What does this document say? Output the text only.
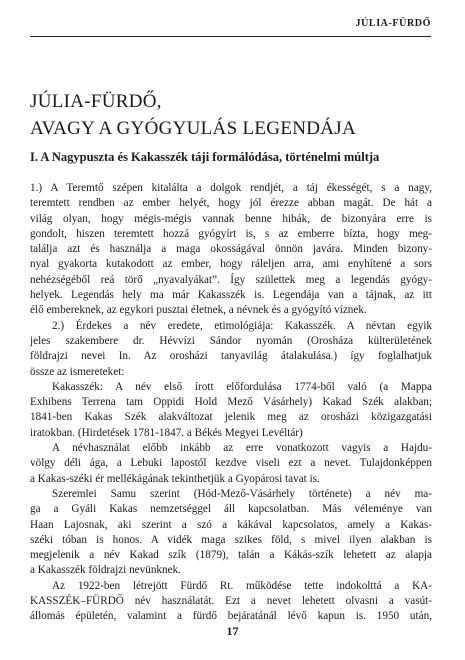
JÚLIA-FÜRDŐ
JÚLIA-FÜRDŐ,
AVAGY A GYÓGYULÁS LEGENDÁJA
I. A Nagypuszta és Kakasszék táji formálódása, történelmi múltja
1.) A Teremtő szépen kitalálta a dolgok rendjét, a táj ékességét, s a nagy,
teremtett rendben az ember helyét, hogy jól érezze abban magát. De hát a
világ olyan, hogy mégis-mégis vannak benne hibák, de bizonyára erre is
gondolt, hiszen teremtett hozzá gyógyírt is, s az emberre bízta, hogy meg-
találja azt és használja a maga okosságával önnön javára. Minden bizony-
nyal gyakorta kutakodott az ember, hogy ráleljen arra, ami enyhítené a sors
nehézségéből reá törő „nyavalyákat”. Így születtek meg a legendás gyógy-
helyek. Legendás hely ma már Kakasszék is. Legendája van a tájnak, az itt
élő embereknek, az egykori pusztai életnek, a névnek és a gyógyító víznek.
2.) Érdekes a név eredete, etimológiája: Kakasszék. A névtan egyik
jeles szakembere dr. Hévvízi Sándor nyomán (Orosháza külterületének
földrajzi nevei In. Az orosházi tanyavilág átalakulása.) így foglalhatjuk
össze az ismereteket:
Kakasszék: A név első írott előfordulása 1774-ből való (a Mappa
Exhibens Terrena tam Oppidi Hold Mező Vásárhely) Kakad Szék alakban;
1841-ben Kakas Szék alakváltozat jelenik meg az orosházi közigazgatási
iratokban. (Hirdetések 1781-1847. a Békés Megyei Levéltár)
A névhasználat előbb inkább az erre vonatkozott vagyis a Hajdu-
völgy déli ága, a Lebuki lapostól kezdve viseli ezt a nevet. Tulajdonképpen
a Kakas-széki ér mellékágának tekinthetjük a Gyopárosi tavat is.
Szeremlei Samu szerint (Hód-Mező-Vásárhely története) a név ma-
ga a Gyáli Kakas nemzetséggel áll kapcsolatban. Más véleménye van
Haan Lajosnak, aki szerint a szó a kákával kapcsolatos, amely a Kakas-
széki tóban is honos. A vidék maga szikes föld, s mivel ilyen alakban is
megjelenik a név Kakad szík (1879), talán a Kákás-szík lehetett az alapja
a Kakasszék földrajzi nevünknek.
Az 1922-ben létrejött Fürdő Rt. működése tette indokolttá a KA-
KASSZÉK–FÜRDŐ név használatát. Ezt a nevet lehetett olvasni a vasút-
állomás épületén, valamint a fürdő bejáratánál lévő kapun is. 1950 után,
17
